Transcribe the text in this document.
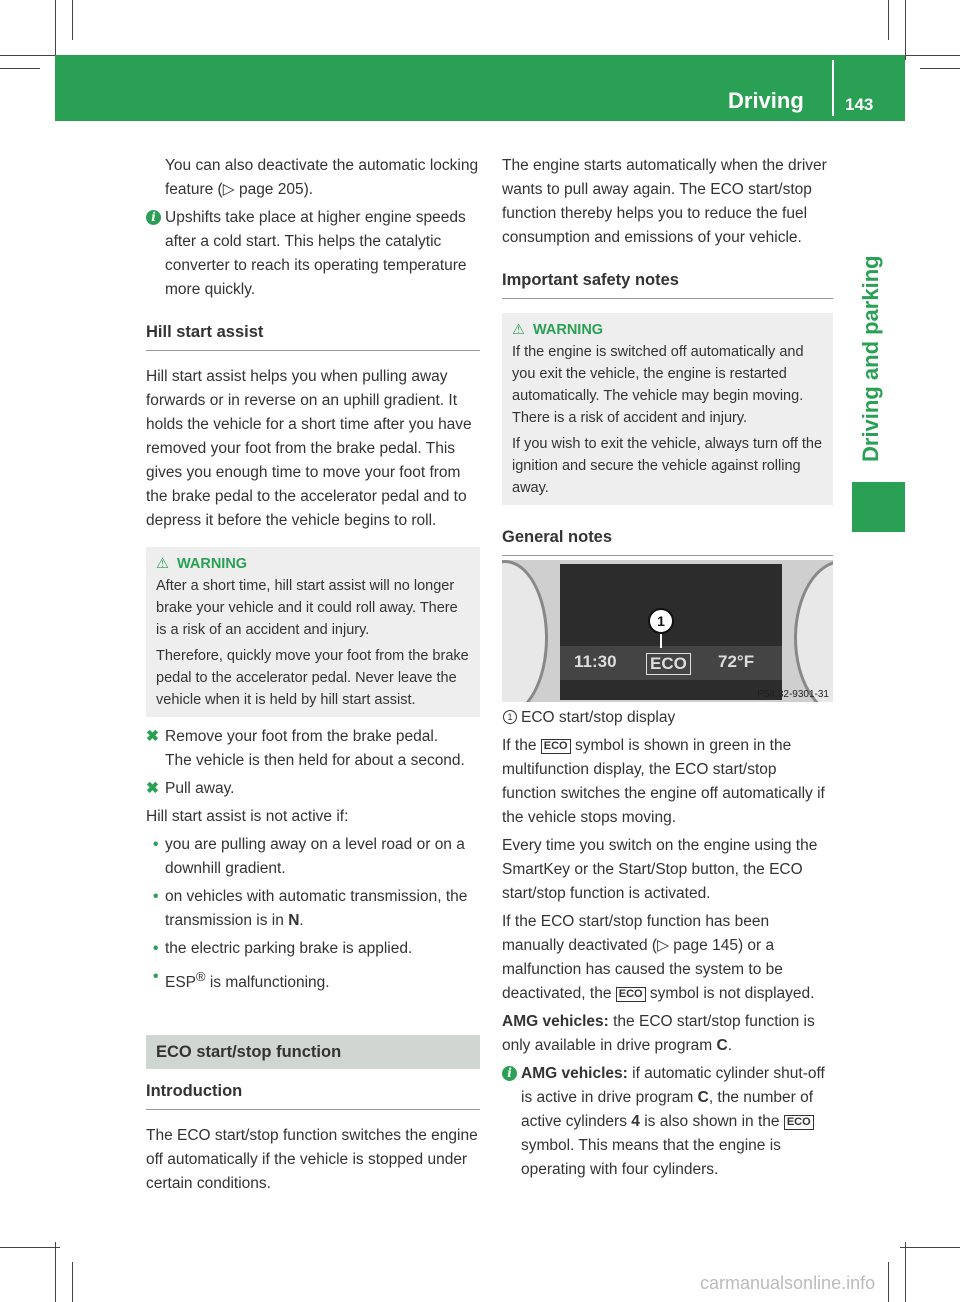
Driving 143
Driving and parking
You can also deactivate the automatic locking feature (▷ page 205).
i Upshifts take place at higher engine speeds after a cold start. This helps the catalytic converter to reach its operating temperature more quickly.
Hill start assist
Hill start assist helps you when pulling away forwards or in reverse on an uphill gradient. It holds the vehicle for a short time after you have removed your foot from the brake pedal. This gives you enough time to move your foot from the brake pedal to the accelerator pedal and to depress it before the vehicle begins to roll.
⚠ WARNING
After a short time, hill start assist will no longer brake your vehicle and it could roll away. There is a risk of an accident and injury.
Therefore, quickly move your foot from the brake pedal to the accelerator pedal. Never leave the vehicle when it is held by hill start assist.
✖ Remove your foot from the brake pedal.
The vehicle is then held for about a second.
✖ Pull away.
Hill start assist is not active if:
• you are pulling away on a level road or on a downhill gradient.
• on vehicles with automatic transmission, the transmission is in N.
• the electric parking brake is applied.
• ESP® is malfunctioning.
ECO start/stop function
Introduction
The ECO start/stop function switches the engine off automatically if the vehicle is stopped under certain conditions.
The engine starts automatically when the driver wants to pull away again. The ECO start/stop function thereby helps you to reduce the fuel consumption and emissions of your vehicle.
Important safety notes
⚠ WARNING
If the engine is switched off automatically and you exit the vehicle, the engine is restarted automatically. The vehicle may begin moving. There is a risk of accident and injury.
If you wish to exit the vehicle, always turn off the ignition and secure the vehicle against rolling away.
General notes
11:30 ECO 72°F
1
P54.32-9301-31
1 ECO start/stop display
If the ECO symbol is shown in green in the multifunction display, the ECO start/stop function switches the engine off automatically if the vehicle stops moving.
Every time you switch on the engine using the SmartKey or the Start/Stop button, the ECO start/stop function is activated.
If the ECO start/stop function has been manually deactivated (▷ page 145) or a malfunction has caused the system to be deactivated, the ECO symbol is not displayed.
AMG vehicles: the ECO start/stop function is only available in drive program C.
i AMG vehicles: if automatic cylinder shut-off is active in drive program C, the number of active cylinders 4 is also shown in the ECO symbol. This means that the engine is operating with four cylinders.
carmanualsonline.info
